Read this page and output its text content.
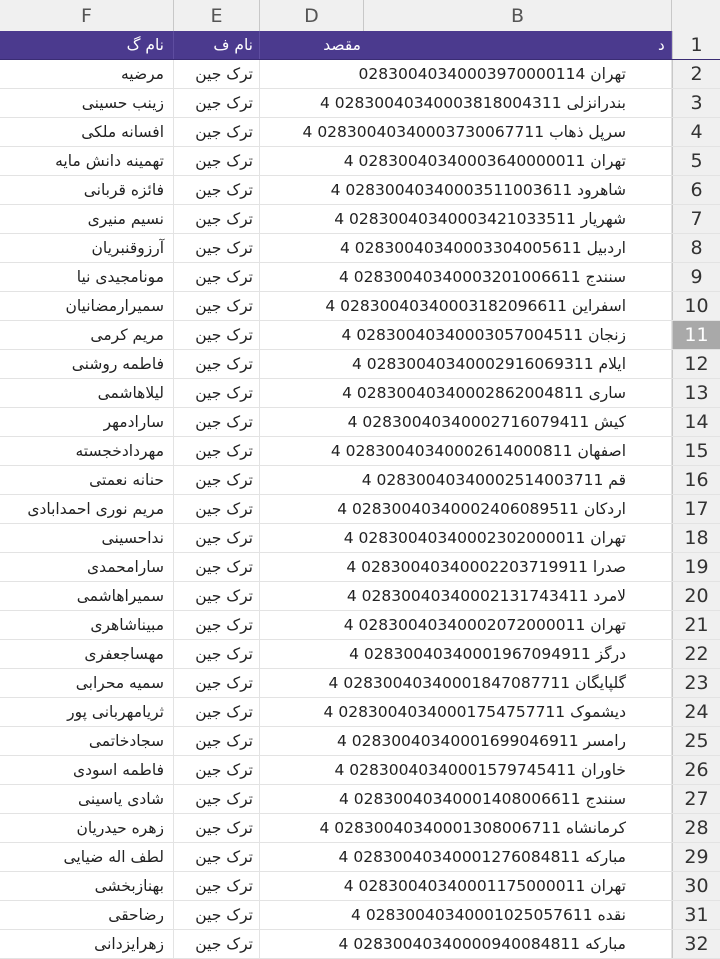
F	E	D	B
نام گ	نام ف	مقصد	د	1
مرضیه	ترک جین	تهران 02830040340003970000114	2
زینب حسینی	ترک جین	بندرانزلی 02830040340003818004311 4	3
افسانه ملکی	ترک جین	سرپل ذهاب 02830040340003730067711 4	4
تهمینه دانش مایه	ترک جین	تهران 02830040340003640000011 4	5
فائزه قربانی	ترک جین	شاهرود 02830040340003511003611 4	6
نسیم منیری	ترک جین	شهریار 02830040340003421033511 4	7
آرزوقنبریان	ترک جین	اردبیل 02830040340003304005611 4	8
مونامجیدی نیا	ترک جین	سنندج 02830040340003201006611 4	9
سمیرارمضانیان	ترک جین	اسفراین 02830040340003182096611 4	10
مریم کرمی	ترک جین	زنجان 02830040340003057004511 4	11
فاطمه روشنی	ترک جین	ایلام 02830040340002916069311 4	12
لیلاهاشمی	ترک جین	ساری 02830040340002862004811 4	13
سارادمهر	ترک جین	کیش 02830040340002716079411 4	14
مهردادخجسته	ترک جین	اصفهان 02830040340002614000811 4	15
حنانه نعمتی	ترک جین	قم 02830040340002514003711 4	16
مریم نوری احمدابادی	ترک جین	اردکان 02830040340002406089511 4	17
نداحسینی	ترک جین	تهران 02830040340002302000011 4	18
سارامحمدی	ترک جین	صدرا 02830040340002203719911 4	19
سمیراهاشمی	ترک جین	لامرد 02830040340002131743411 4	20
مبیناشاهری	ترک جین	تهران 02830040340002072000011 4	21
مهساجعفری	ترک جین	درگز 02830040340001967094911 4	22
سمیه محرابی	ترک جین	گلپایگان 02830040340001847087711 4	23
ثریامهربانی پور	ترک جین	دیشموک 02830040340001754757711 4	24
سجادخاتمی	ترک جین	رامسر 02830040340001699046911 4	25
فاطمه اسودی	ترک جین	خاوران 02830040340001579745411 4	26
شادی یاسینی	ترک جین	سنندج 02830040340001408006611 4	27
زهره حیدریان	ترک جین	کرمانشاه 02830040340001308006711 4	28
لطف اله ضیایی	ترک جین	مبارکه 02830040340001276084811 4	29
بهنازبخشی	ترک جین	تهران 02830040340001175000011 4	30
رضاحقی	ترک جین	نقده 02830040340001025057611 4	31
زهرایزدانی	ترک جین	مبارکه 02830040340000940084811 4	32
